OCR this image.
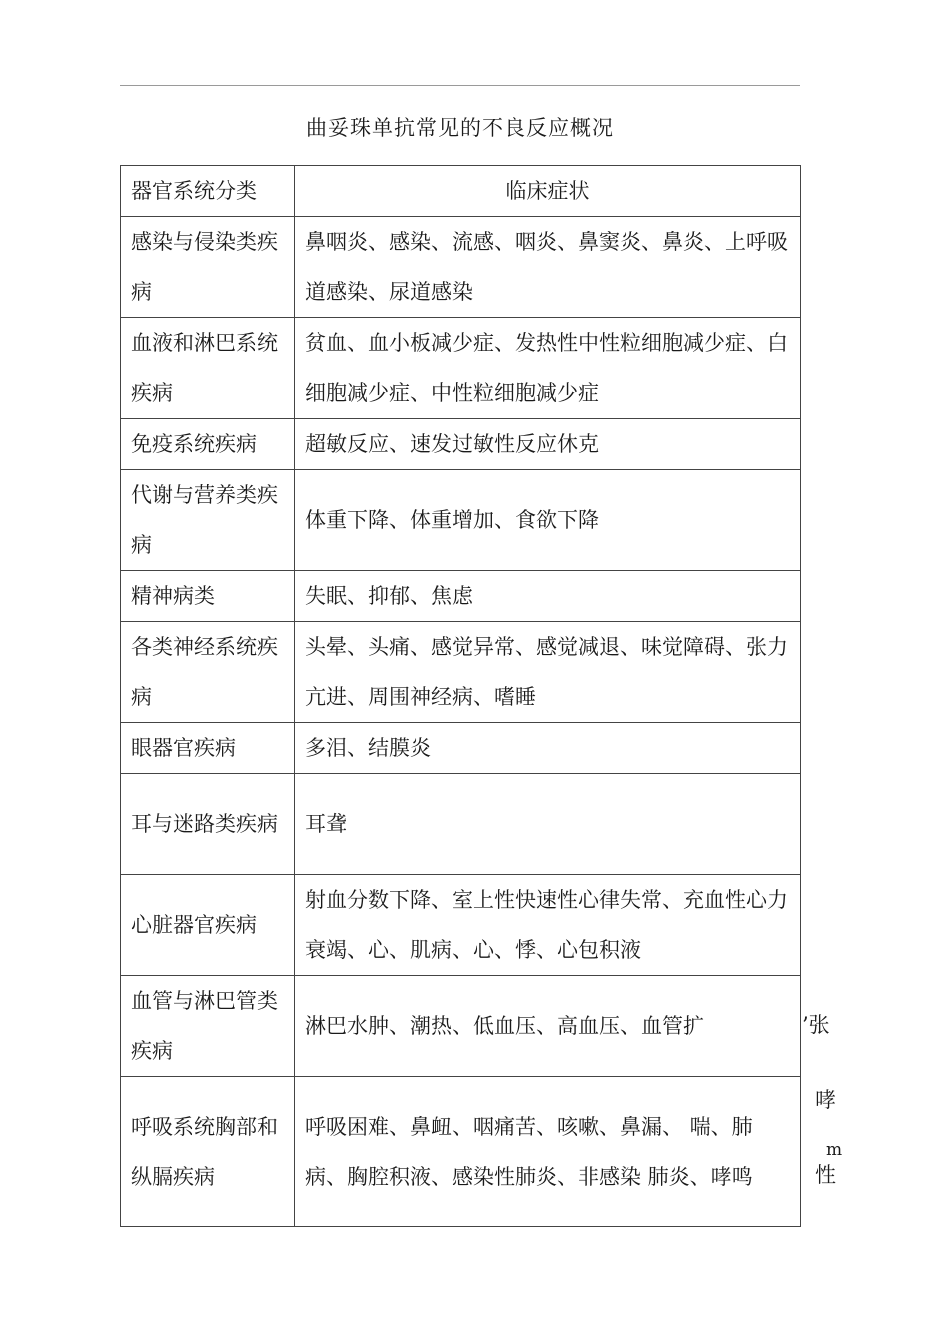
曲妥珠单抗常见的不良反应概况
器官系统分类	临床症状
感染与侵染类疾病	鼻咽炎、感染、流感、咽炎、鼻窦炎、鼻炎、上呼吸道感染、尿道感染
血液和淋巴系统疾病	贫血、血小板减少症、发热性中性粒细胞减少症、白细胞减少症、中性粒细胞减少症
免疫系统疾病	超敏反应、速发过敏性反应休克
代谢与营养类疾病	体重下降、体重增加、食欲下降
精神病类	失眠、抑郁、焦虑
各类神经系统疾病	头晕、头痛、感觉异常、感觉减退、味觉障碍、张力亢进、周围神经病、嗜睡
眼器官疾病	多泪、结膜炎
耳与迷路类疾病	耳聋
心脏器官疾病	射血分数下降、室上性快速性心律失常、充血性心力衰竭、心、肌病、心、悸、心包积液
血管与淋巴管类疾病	淋巴水肿、潮热、低血压、高血压、血管扩
呼吸系统胸部和纵膈疾病	呼吸困难、鼻衄、咽痛苦、咳嗽、鼻漏、 喘、肺病、胸腔积液、感染性肺炎、非感染 肺炎、哮鸣
’张
哮
m
性
